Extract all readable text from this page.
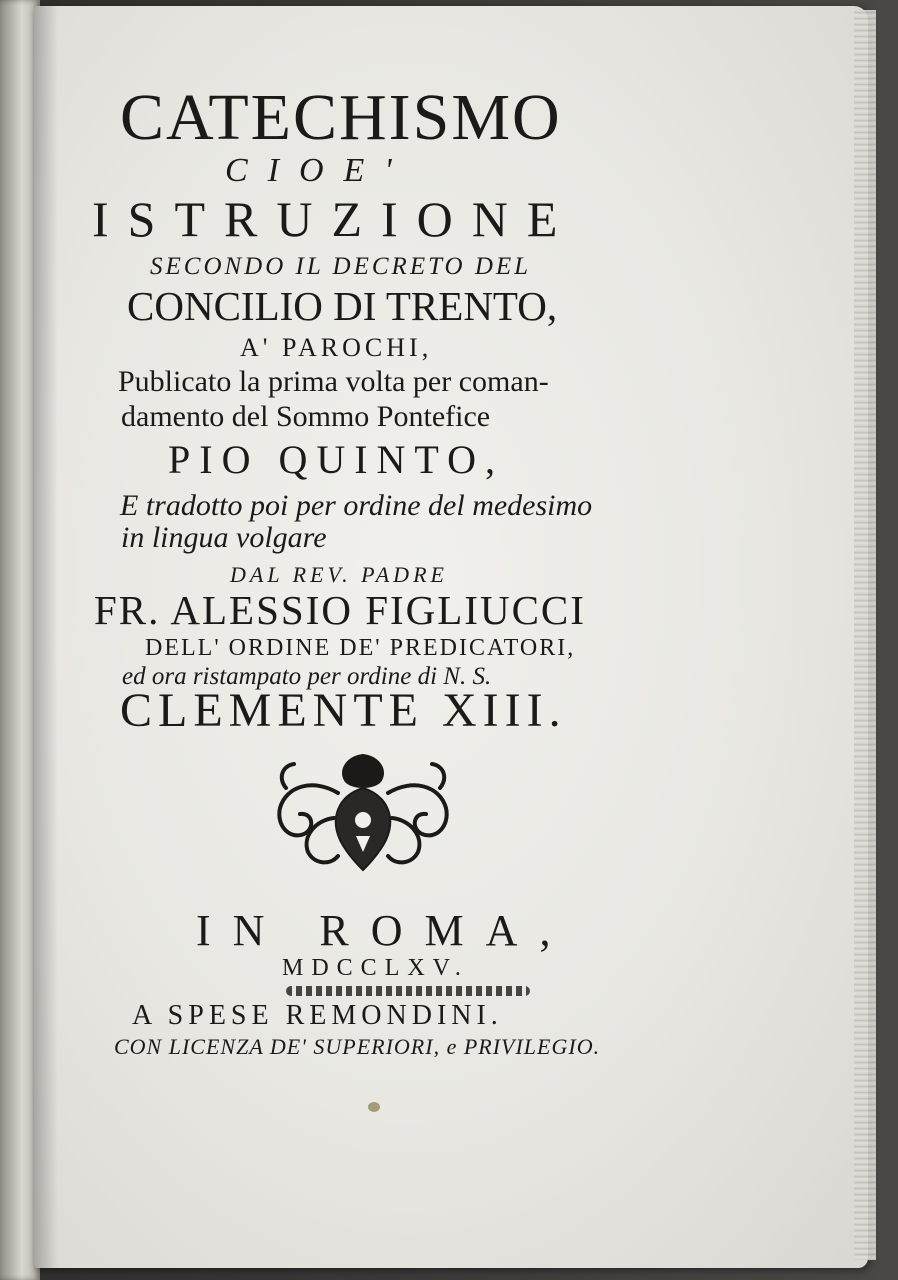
CATECHISMO
CIOE'
ISTRUZIONE
SECONDO IL DECRETO DEL
CONCILIO DI TRENTO,
A' PAROCHI,
Publicato la prima volta per coman-
damento del Sommo Pontefice
PIO QUINTO,
E tradotto poi per ordine del medesimo
in lingua volgare
DAL REV. PADRE
FR. ALESSIO FIGLIUCCI
DELL' ORDINE DE' PREDICATORI,
ed ora ristampato per ordine di N. S.
CLEMENTE XIII.
IN ROMA,
MDCCLXV.
A SPESE REMONDINI.
CON LICENZA DE' SUPERIORI, e PRIVILEGIO.
